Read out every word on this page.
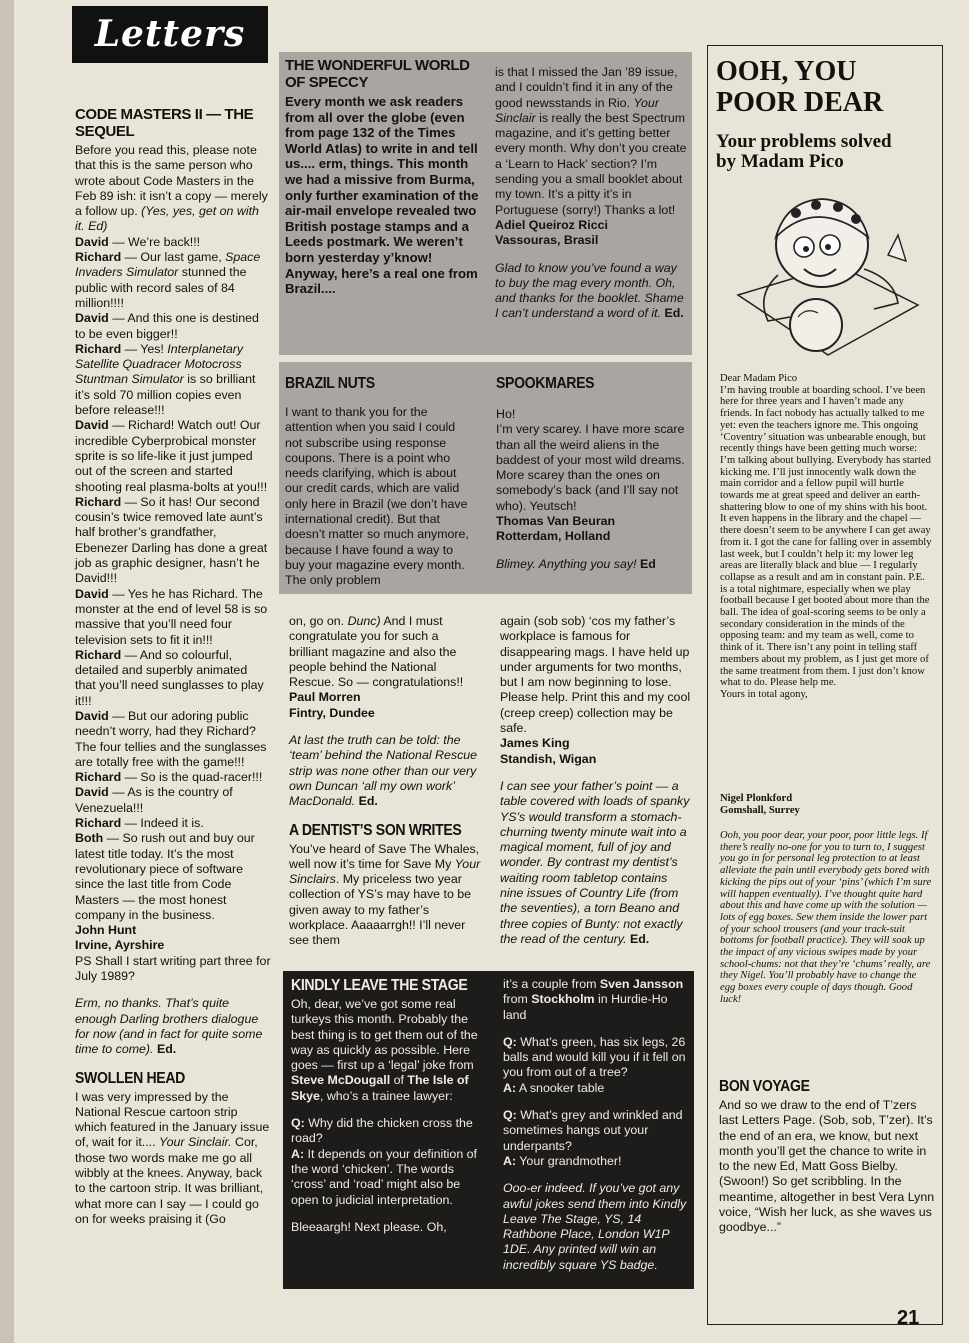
Letters
CODE MASTERS II — THE SEQUEL

Before you read this, please note that this is the same person who wrote about Code Masters in the Feb 89 ish: it isn’t a copy — merely a follow up. (Yes, yes, get on with it. Ed)

David — We’re back!!!

Richard — Our last game, Space Invaders Simulator stunned the public with record sales of 84 million!!!!

David — And this one is destined to be even bigger!!

Richard — Yes! Interplanetary Satellite Quadracer Motocross Stuntman Simulator is so brilliant it’s sold 70 million copies even before release!!!

David — Richard! Watch out! Our incredible Cyberprobical monster sprite is so life-like it just jumped out of the screen and started shooting real plasma-bolts at you!!!

Richard — So it has! Our second cousin’s twice removed late aunt’s half brother’s grandfather, Ebenezer Darling has done a great job as graphic designer, hasn’t he David!!!

David — Yes he has Richard. The monster at the end of level 58 is so massive that you’ll need four television sets to fit it in!!!

Richard — And so colourful, detailed and superbly animated that you’ll need sunglasses to play it!!!

David — But our adoring public needn’t worry, had they Richard? The four tellies and the sunglasses are totally free with the game!!!

Richard — So is the quad-racer!!!

David — As is the country of Venezuela!!!

Richard — Indeed it is.

Both — So rush out and buy our latest title today. It’s the most revolutionary piece of software since the last title from Code Masters — the most honest company in the business.

John Hunt

Irvine, Ayrshire

PS Shall I start writing part three for July 1989?

Erm, no thanks. That’s quite enough Darling brothers dialogue for now (and in fact for quite some time to come). Ed.

SWOLLEN HEAD

I was very impressed by the National Rescue cartoon strip which featured in the January issue of, wait for it.... Your Sinclair. Cor, those two words make me go all wibbly at the knees. Anyway, back to the cartoon strip. It was brilliant, what more can I say — I could go on for weeks praising it (Go

THE WONDERFUL WORLD OF SPECCY

Every month we ask readers from all over the globe (even from page 132 of the Times World Atlas) to write in and tell us.... erm, things. This month we had a missive from Burma, only further examination of the air-mail envelope revealed two British postage stamps and a Leeds postmark. We weren’t born yesterday y’know! Anyway, here’s a real one from Brazil....

is that I missed the Jan ’89 issue, and I couldn’t find it in any of the good newsstands in Rio. Your Sinclair is really the best Spectrum magazine, and it’s getting better every month. Why don’t you create a ‘Learn to Hack’ section? I’m sending you a small booklet about my town. It’s a pitty it’s in Portuguese (sorry!) Thanks a lot!

Adiel Queiroz Ricci

Vassouras, Brasil

Glad to know you’ve found a way to buy the mag every month. Oh, and thanks for the booklet. Shame I can’t understand a word of it. Ed.

BRAZIL NUTS

I want to thank you for the attention when you said I could not subscribe using response coupons. There is a point who needs clarifying, which is about our credit cards, which are valid only here in Brazil (we don’t have international credit). But that doesn’t matter so much anymore, because I have found a way to buy your magazine every month. The only problem

SPOOKMARES

Ho!

I’m very scarey. I have more scare than all the weird aliens in the baddest of your most wild dreams. More scarey than the ones on somebody’s back (and I’ll say not who). Yeutsch!

Thomas Van Beuran

Rotterdam, Holland

Blimey. Anything you say! Ed

on, go on. Dunc) And I must congratulate you for such a brilliant magazine and also the people behind the National Rescue. So — congratulations!!

Paul Morren

Fintry, Dundee

At last the truth can be told: the ‘team’ behind the National Rescue strip was none other than our very own Duncan ‘all my own work’ MacDonald. Ed.

A DENTIST’S SON WRITES

You’ve heard of Save The Whales, well now it’s time for Save My Your Sinclairs. My priceless two year collection of YS’s may have to be given away to my father’s workplace. Aaaaarrgh!! I’ll never see them

again (sob sob) ‘cos my father’s workplace is famous for disappearing mags. I have held up under arguments for two months, but I am now beginning to lose. Please help. Print this and my cool (creep creep) collection may be safe.

James King

Standish, Wigan

I can see your father’s point — a table covered with loads of spanky YS’s would transform a stomach-churning twenty minute wait into a magical moment, full of joy and wonder. By contrast my dentist’s waiting room tabletop contains nine issues of Country Life (from the seventies), a torn Beano and three copies of Bunty: not exactly the read of the century. Ed.

KINDLY LEAVE THE STAGE

Oh, dear, we’ve got some real turkeys this month. Probably the best thing is to get them out of the way as quickly as possible. Here goes — first up a ‘legal’ joke from Steve McDougall of The Isle of Skye, who’s a trainee lawyer:

Q: Why did the chicken cross the road?

A: It depends on your definition of the word ‘chicken’. The words ‘cross’ and ‘road’ might also be open to judicial interpretation.

Bleeaargh! Next please. Oh,

it’s a couple from Sven Jansson from Stockholm in Hurdie-Ho land

Q: What’s green, has six legs, 26 balls and would kill you if it fell on you from out of a tree?

A: A snooker table

Q: What’s grey and wrinkled and sometimes hangs out your underpants?

A: Your grandmother!

Ooo-er indeed. If you’ve got any awful jokes send them into Kindly Leave The Stage, YS, 14 Rathbone Place, London W1P 1DE. Any printed will win an incredibly square YS badge.

OOH, YOU POOR DEAR
Your problems solved by Madam Pico
Dear Madam Pico
I’m having trouble at boarding school. I’ve been here for three years and I haven’t made any friends. In fact nobody has actually talked to me yet: even the teachers ignore me. This ongoing ‘Coventry’ situation was unbearable enough, but recently things have been getting much worse: I’m talking about bullying. Everybody has started kicking me. I’ll just innocently walk down the main corridor and a fellow pupil will hurtle towards me at great speed and deliver an earth-shattering blow to one of my shins with his boot. It even happens in the library and the chapel — there doesn’t seem to be anywhere I can get away from it. I got the cane for falling over in assembly last week, but I couldn’t help it: my lower leg areas are literally black and blue — I regularly collapse as a result and am in constant pain. P.E. is a total nightmare, especially when we play football because I get booted about more than the ball. The idea of goal-scoring seems to be only a secondary consideration in the minds of the opposing team: and my team as well, come to think of it. There isn’t any point in telling staff members about my problem, as I just get more of the same treatment from them. I just don’t know what to do. Please help me.
Yours in total agony,
Nigel Plonkford
Gomshall, Surrey
Ooh, you poor dear, your poor, poor little legs. If there’s really no-one for you to turn to, I suggest you go in for personal leg protection to at least alleviate the pain until everybody gets bored with kicking the pips out of your ‘pins’ (which I’m sure will happen eventually). I’ve thought quite hard about this and have come up with the solution — lots of egg boxes. Sew them inside the lower part of your school trousers (and your track-suit bottoms for football practice). They will soak up the impact of any vicious swipes made by your school-chums: not that they’re ‘chums’ really, are they Nigel. You’ll probably have to change the egg boxes every couple of days though. Good luck!
BON VOYAGE

And so we draw to the end of T’zers last Letters Page. (Sob, sob, T’zer). It’s the end of an era, we know, but next month you’ll get the chance to write in to the new Ed, Matt Goss Bielby. (Swoon!) So get scribbling. In the meantime, altogether in best Vera Lynn voice, “Wish her luck, as she waves us goodbye...”

21
